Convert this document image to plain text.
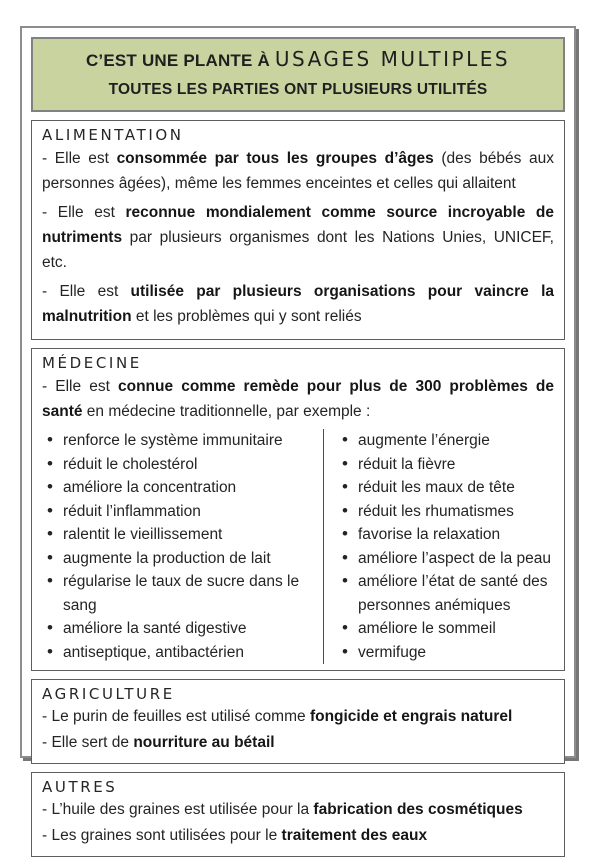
C’EST UNE PLANTE À USAGES MULTIPLES
TOUTES LES PARTIES ONT PLUSIEURS UTILITÉS
ALIMENTATION

- Elle est consommée par tous les groupes d’âges (des bébés aux personnes âgées), même les femmes enceintes et celles qui allaitent

- Elle est reconnue mondialement comme source incroyable de nutriments par plusieurs organismes dont les Nations Unies, UNICEF, etc.

- Elle est utilisée par plusieurs organisations pour vaincre la malnutrition et les problèmes qui y sont reliés

MÉDECINE

- Elle est connue comme remède pour plus de 300 problèmes de santé en médecine traditionnelle, par exemple :

• renforce le système immunitaire
• réduit le cholestérol
• améliore la concentration
• réduit l’inflammation
• ralentit le vieillissement
• augmente la production de lait
• régularise le taux de sucre dans le sang
• améliore la santé digestive
• antiseptique, antibactérien
• augmente l’énergie
• réduit la fièvre
• réduit les maux de tête
• réduit les rhumatismes
• favorise la relaxation
• améliore l’aspect de la peau
• améliore l’état de santé des personnes anémiques
• améliore le sommeil
• vermifuge
AGRICULTURE

- Le purin de feuilles est utilisé comme fongicide et engrais naturel

- Elle sert de nourriture au bétail

AUTRES

- L’huile des graines est utilisée pour la fabrication des cosmétiques

- Les graines sont utilisées pour le traitement des eaux
